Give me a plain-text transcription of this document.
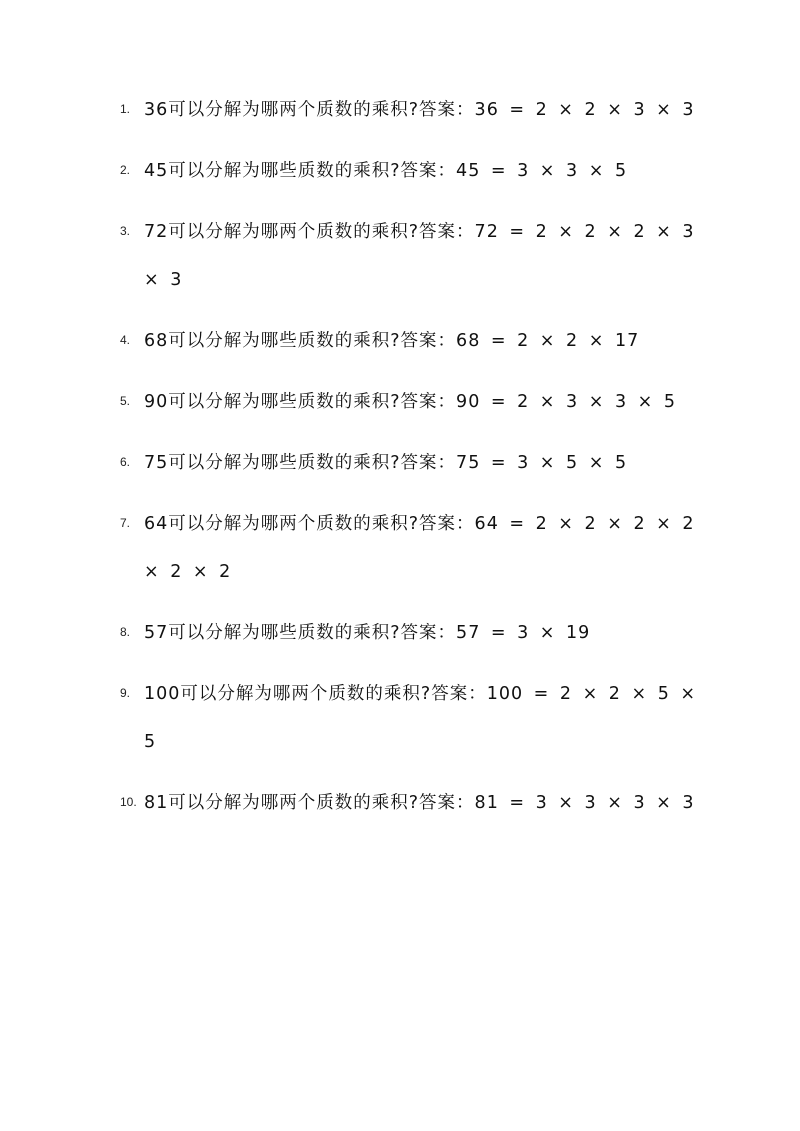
1. 36可以分解为哪两个质数的乘积?答案：36 = 2 × 2 × 3 × 3
2. 45可以分解为哪些质数的乘积?答案：45 = 3 × 3 × 5
3. 72可以分解为哪两个质数的乘积?答案：72 = 2 × 2 × 2 × 3 × 3
4. 68可以分解为哪些质数的乘积?答案：68 = 2 × 2 × 17
5. 90可以分解为哪些质数的乘积?答案：90 = 2 × 3 × 3 × 5
6. 75可以分解为哪些质数的乘积?答案：75 = 3 × 5 × 5
7. 64可以分解为哪两个质数的乘积?答案：64 = 2 × 2 × 2 × 2 × 2 × 2
8. 57可以分解为哪些质数的乘积?答案：57 = 3 × 19
9. 100可以分解为哪两个质数的乘积?答案：100 = 2 × 2 × 5 × 5
10. 81可以分解为哪两个质数的乘积?答案：81 = 3 × 3 × 3 × 3
